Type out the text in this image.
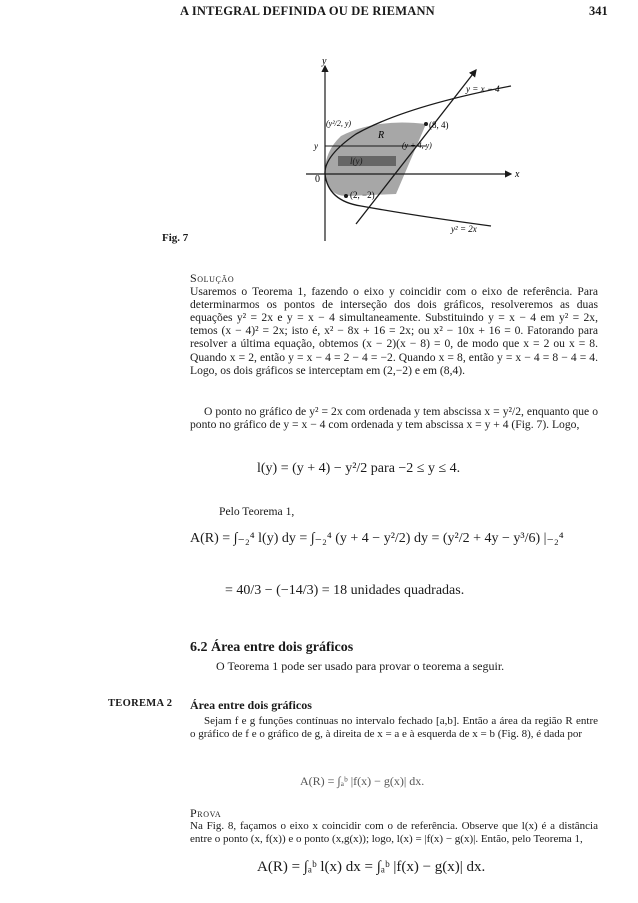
A INTEGRAL DEFINIDA OU DE RIEMANN	341
y
x
0
y = x − 4
y² = 2x
(8, 4)
(2, −2)
(y²/2, y)
(y + 4, y)
R
l(y)
y
Fig. 7
Solução
Usaremos o Teorema 1, fazendo o eixo y coincidir com o eixo de referência. Para determinarmos os pontos de interseção dos dois gráficos, resolveremos as duas equações y² = 2x e y = x − 4 simultaneamente. Substituindo y = x − 4 em y² = 2x, temos (x − 4)² = 2x; isto é, x² − 8x + 16 = 2x; ou x² − 10x + 16 = 0. Fatorando para resolver a última equação, obtemos (x − 2)(x − 8) = 0, de modo que x = 2 ou x = 8. Quando x = 2, então y = x − 4 = 2 − 4 = −2. Quando x = 8, então y = x − 4 = 8 − 4 = 4. Logo, os dois gráficos se interceptam em (2,−2) e em (8,4).
O ponto no gráfico de y² = 2x com ordenada y tem abscissa x = y²/2, enquanto que o ponto no gráfico de y = x − 4 com ordenada y tem abscissa x = y + 4 (Fig. 7). Logo,
l(y) = (y + 4) − y²/2 para −2 ≤ y ≤ 4.
Pelo Teorema 1,
A(R) = ∫₋₂⁴ l(y) dy = ∫₋₂⁴ (y + 4 − y²/2) dy = (y²/2 + 4y − y³/6) |₋₂⁴
= 40/3 − (−14/3) = 18 unidades quadradas.
6.2 Área entre dois gráficos
O Teorema 1 pode ser usado para provar o teorema a seguir.
TEOREMA 2 Área entre dois gráficos
Sejam f e g funções contínuas no intervalo fechado [a,b]. Então a área da região R entre o gráfico de f e o gráfico de g, à direita de x = a e à esquerda de x = b (Fig. 8), é dada por
A(R) = ∫ₐᵇ |f(x) − g(x)| dx.
Prova
Na Fig. 8, façamos o eixo x coincidir com o de referência. Observe que l(x) é a distância entre o ponto (x, f(x)) e o ponto (x,g(x)); logo, l(x) = |f(x) − g(x)|. Então, pelo Teorema 1,
A(R) = ∫ₐᵇ l(x) dx = ∫ₐᵇ |f(x) − g(x)| dx.
